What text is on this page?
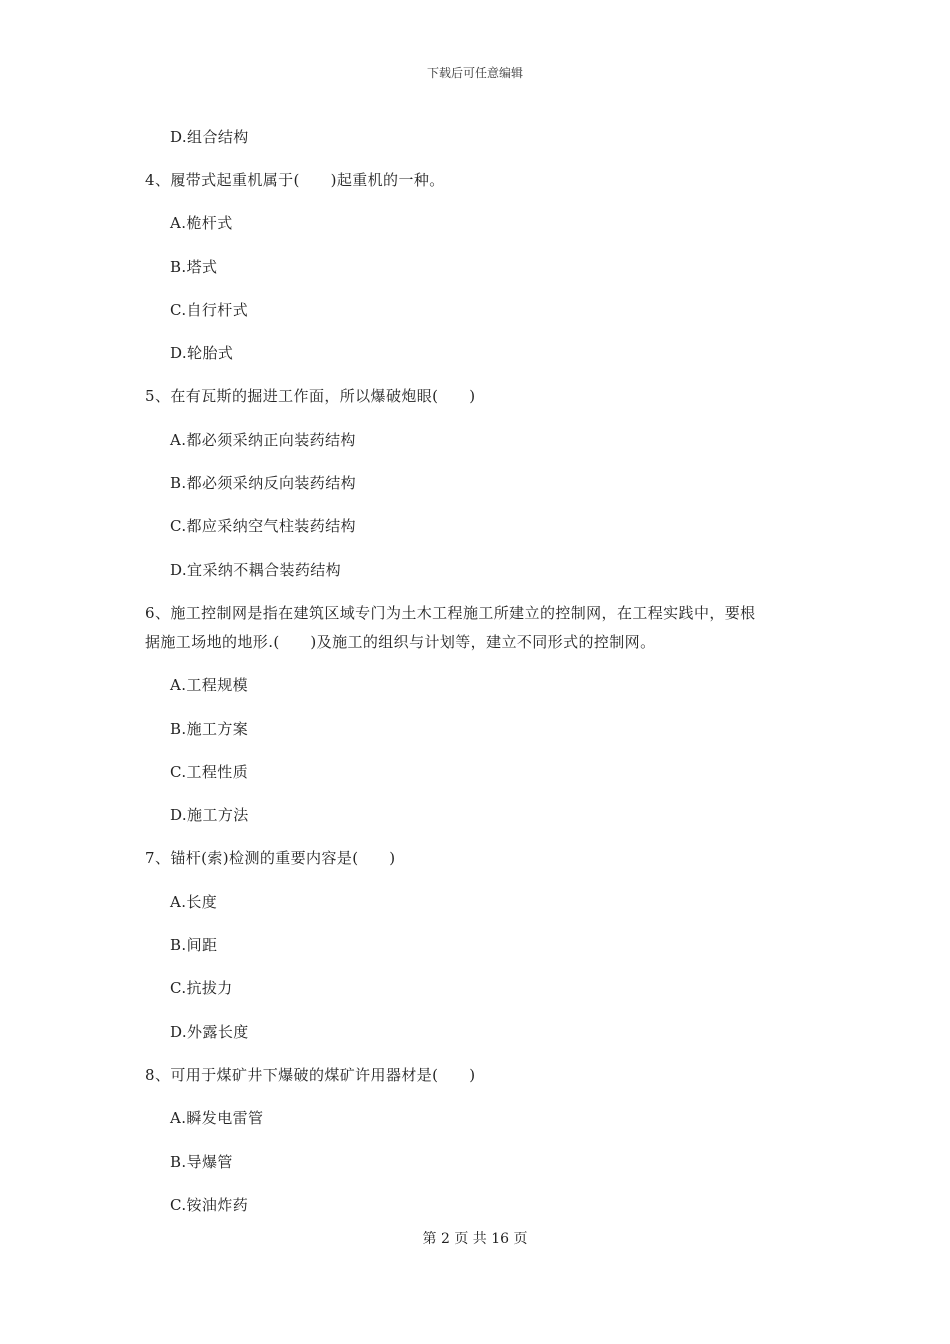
下载后可任意编辑
D.组合结构
4、履带式起重机属于(　　)起重机的一种。
A.桅杆式
B.塔式
C.自行杆式
D.轮胎式
5、在有瓦斯的掘进工作面，所以爆破炮眼(　　)
A.都必须采纳正向装药结构
B.都必须采纳反向装药结构
C.都应采纳空气柱装药结构
D.宜采纳不耦合装药结构
6、施工控制网是指在建筑区域专门为土木工程施工所建立的控制网，在工程实践中，要根
据施工场地的地形.(　　)及施工的组织与计划等，建立不同形式的控制网。
A.工程规模
B.施工方案
C.工程性质
D.施工方法
7、锚杆(索)检测的重要内容是(　　)
A.长度
B.间距
C.抗拔力
D.外露长度
8、可用于煤矿井下爆破的煤矿许用器材是(　　)
A.瞬发电雷管
B.导爆管
C.铵油炸药
第 2 页 共 16 页
